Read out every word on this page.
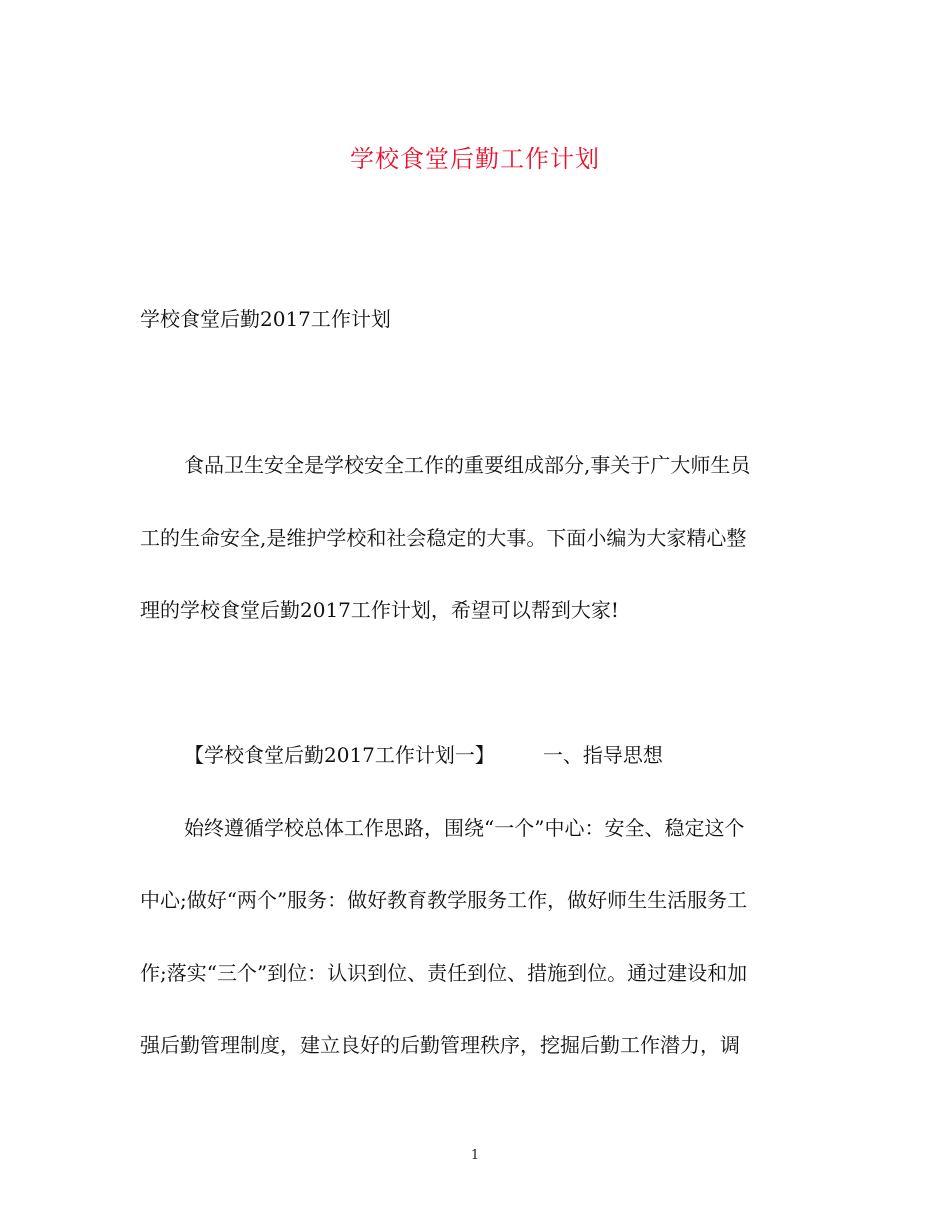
学校食堂后勤工作计划
学校食堂后勤2017工作计划
食品卫生安全是学校安全工作的重要组成部分,事关于广大师生员
工的生命安全,是维护学校和社会稳定的大事。下面小编为大家精心整
理的学校食堂后勤2017工作计划，希望可以帮到大家!
【学校食堂后勤2017工作计划一】 一、指导思想
始终遵循学校总体工作思路，围绕“一个”中心：安全、稳定这个
中心;做好“两个”服务：做好教育教学服务工作，做好师生生活服务工
作;落实“三个”到位：认识到位、责任到位、措施到位。通过建设和加
强后勤管理制度，建立良好的后勤管理秩序，挖掘后勤工作潜力，调
1
